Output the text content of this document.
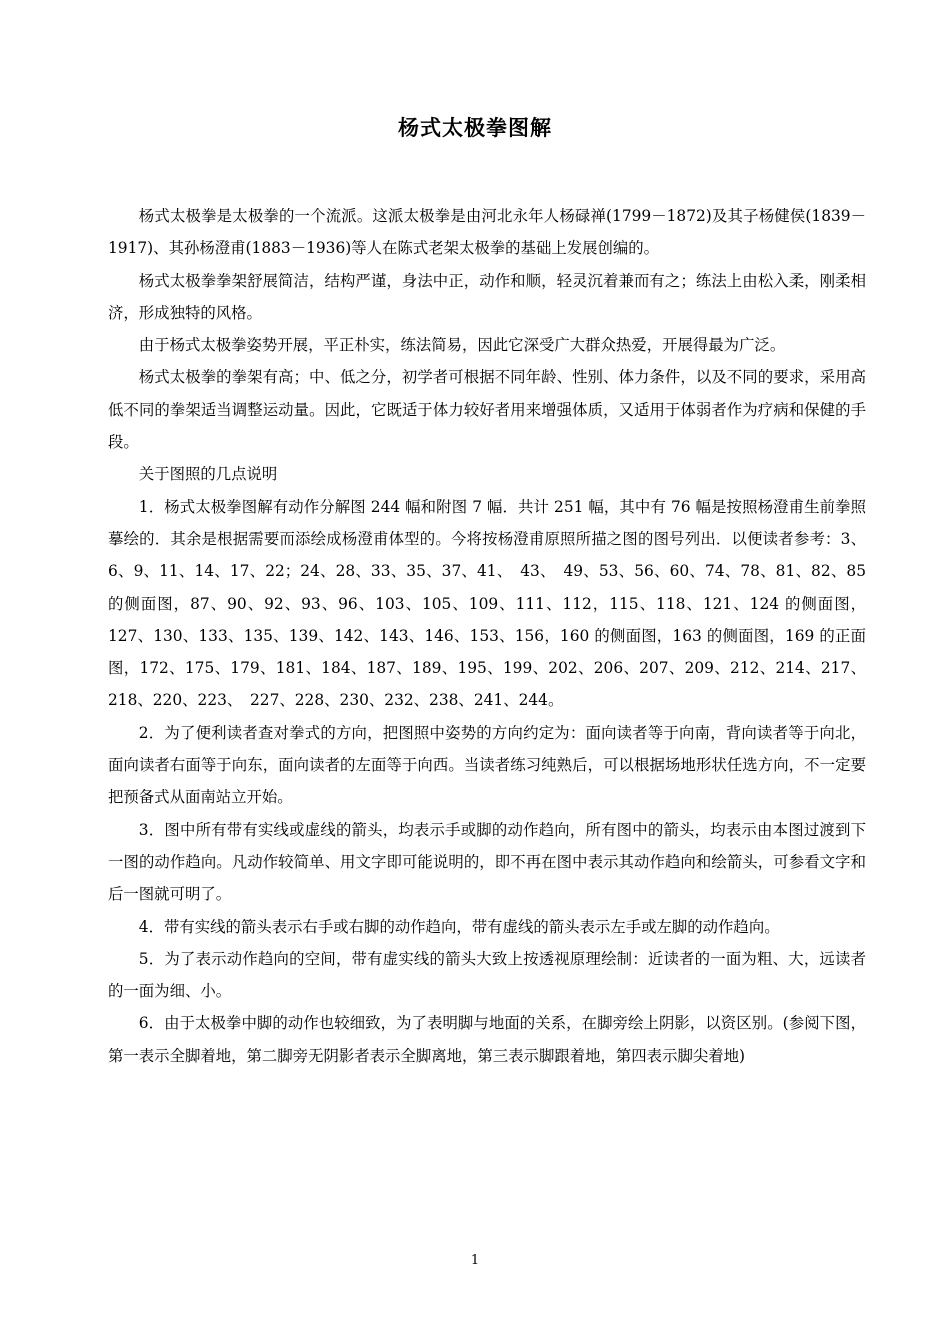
杨式太极拳图解

杨式太极拳是太极拳的一个流派。这派太极拳是由河北永年人杨碌禅(1799－1872)及其子杨健侯(1839－1917)、其孙杨澄甫(1883－1936)等人在陈式老架太极拳的基础上发展创编的。

杨式太极拳拳架舒展简洁，结构严谨，身法中正，动作和顺，轻灵沉着兼而有之；练法上由松入柔，刚柔相济，形成独特的风格。

由于杨式太极拳姿势开展，平正朴实，练法简易，因此它深受广大群众热爱，开展得最为广泛。

杨式太极拳的拳架有高；中、低之分，初学者可根据不同年龄、性别、体力条件，以及不同的要求，采用高低不同的拳架适当调整运动量。因此，它既适于体力较好者用来增强体质，又适用于体弱者作为疗病和保健的手段。

关于图照的几点说明

1．杨式太极拳图解有动作分解图 244 幅和附图 7 幅．共计 251 幅，其中有 76 幅是按照杨澄甫生前拳照摹绘的．其余是根据需要而添绘成杨澄甫体型的。今将按杨澄甫原照所描之图的图号列出．以便读者参考：3、6、9、11、14、17、22；24、28、33、35、37、41、　43、　49、53、56、60、74、78、81、82、85 的侧面图，87、90、92、93、96、103、105、109、111、112，115、118、121、124 的侧面图，127、130、133、135、139、142、143、146、153、156，160 的侧面图，163 的侧面图，169 的正面图，172、175、179、181、184、187、189、195、199、202、206、207、209、212、214、217、218、220、223、　227、228、230、232、238、241、244。

2．为了便利读者查对拳式的方向，把图照中姿势的方向约定为：面向读者等于向南，背向读者等于向北，面向读者右面等于向东，面向读者的左面等于向西。当读者练习纯熟后，可以根据场地形状任选方向，不一定要把预备式从面南站立开始。

3．图中所有带有实线或虚线的箭头，均表示手或脚的动作趋向，所有图中的箭头，均表示由本图过渡到下一图的动作趋向。凡动作较简单、用文字即可能说明的，即不再在图中表示其动作趋向和绘箭头，可参看文字和后一图就可明了。

4．带有实线的箭头表示右手或右脚的动作趋向，带有虚线的箭头表示左手或左脚的动作趋向。

5．为了表示动作趋向的空间，带有虚实线的箭头大致上按透视原理绘制：近读者的一面为粗、大，远读者的一面为细、小。

6．由于太极拳中脚的动作也较细致，为了表明脚与地面的关系，在脚旁绘上阴影，以资区别。(参阅下图，第一表示全脚着地，第二脚旁无阴影者表示全脚离地，第三表示脚跟着地，第四表示脚尖着地)

1
